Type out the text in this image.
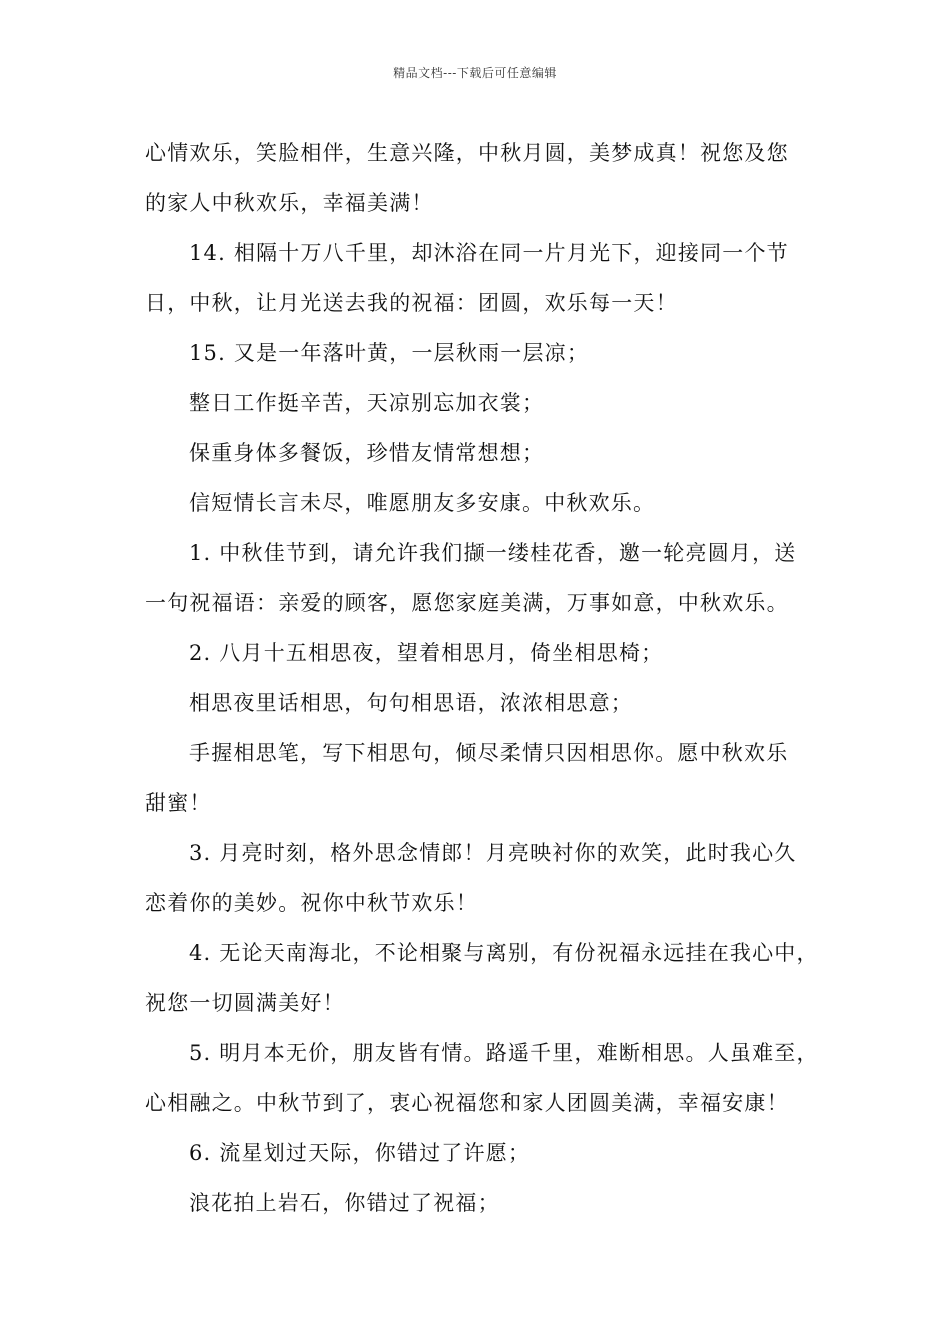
精品文档---下载后可任意编辑
心情欢乐，笑脸相伴，生意兴隆，中秋月圆，美梦成真！祝您及您
的家人中秋欢乐，幸福美满！
14. 相隔十万八千里，却沐浴在同一片月光下，迎接同一个节
日，中秋，让月光送去我的祝福：团圆，欢乐每一天！
15. 又是一年落叶黄，一层秋雨一层凉；
整日工作挺辛苦，天凉别忘加衣裳；
保重身体多餐饭，珍惜友情常想想；
信短情长言未尽，唯愿朋友多安康。中秋欢乐。
1. 中秋佳节到，请允许我们撷一缕桂花香，邀一轮亮圆月，送
一句祝福语：亲爱的顾客，愿您家庭美满，万事如意，中秋欢乐。
2. 八月十五相思夜，望着相思月，倚坐相思椅；
相思夜里话相思，句句相思语，浓浓相思意；
手握相思笔，写下相思句，倾尽柔情只因相思你。愿中秋欢乐
甜蜜！
3. 月亮时刻，格外思念情郎！月亮映衬你的欢笑，此时我心久
恋着你的美妙。祝你中秋节欢乐！
4. 无论天南海北，不论相聚与离别，有份祝福永远挂在我心中，
祝您一切圆满美好！
5. 明月本无价，朋友皆有情。路遥千里，难断相思。人虽难至，
心相融之。中秋节到了，衷心祝福您和家人团圆美满，幸福安康！
6. 流星划过天际，你错过了许愿；
浪花拍上岩石，你错过了祝福；
